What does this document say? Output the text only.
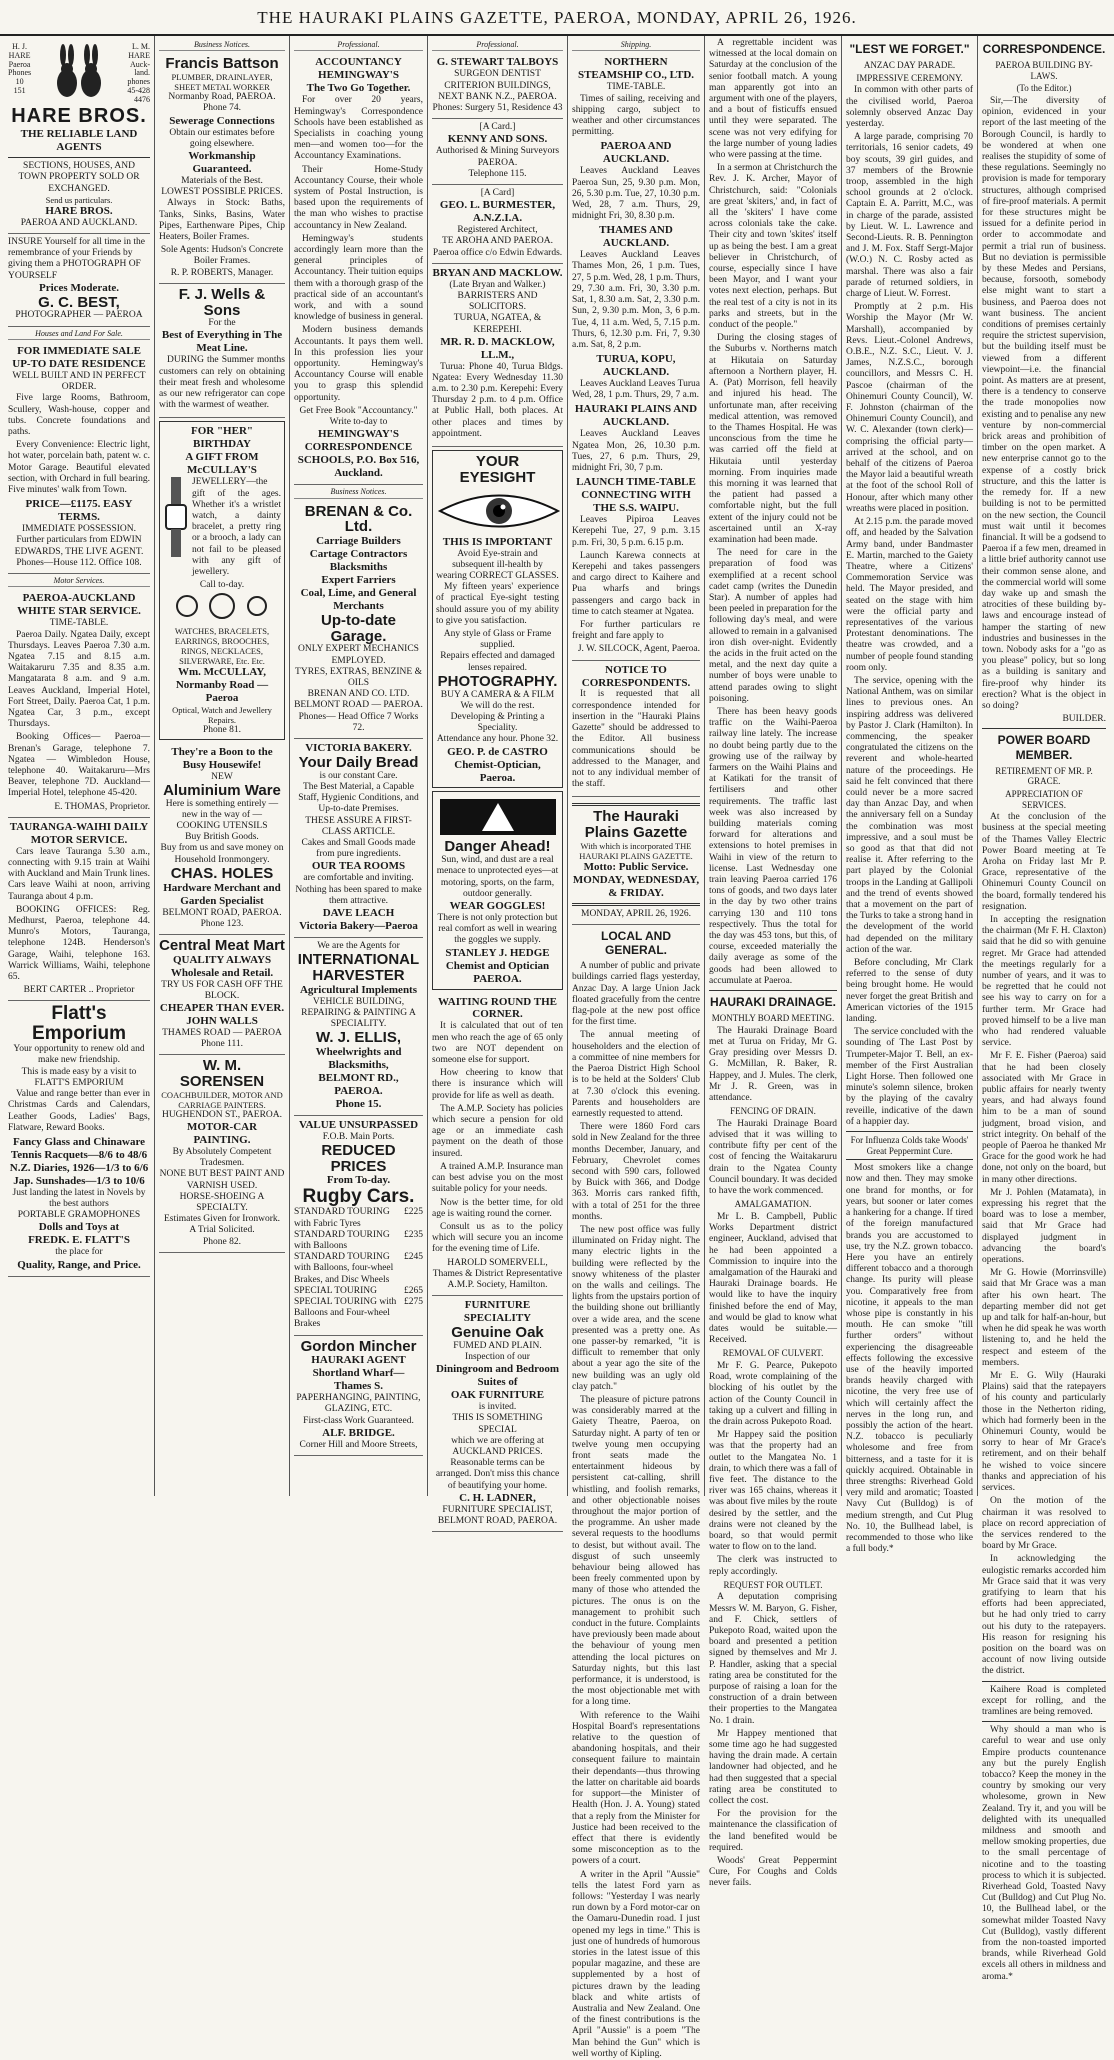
THE HAURAKI PLAINS GAZETTE, PAEROA, MONDAY, APRIL 26, 1926.
H. J.
HARE
Paeroa
Phones
10
151
L. M.
HARE
Auck-
land.
phones
45-428
4476
HARE BROS.
THE RELIABLE LAND AGENTS
SECTIONS, HOUSES, AND TOWN PROPERTY SOLD OR EXCHANGED.
Send us particulars.
HARE BROS.
PAEROA AND AUCKLAND.
INSURE Yourself for all time in the remembrance of your Friends by giving them a PHOTOGRAPH OF YOURSELF
Prices Moderate.
G. C. BEST,
PHOTOGRAPHER — PAEROA
Houses and Land For Sale.
FOR IMMEDIATE SALE
UP-TO DATE RESIDENCE
WELL BUILT AND IN PERFECT ORDER.

Five large Rooms, Bathroom, Scullery, Wash-house, copper and tubs. Concrete foundations and paths.

Every Convenience: Electric light, hot water, porcelain bath, patent w. c. Motor Garage. Beautiful elevated section, with Orchard in full bearing. Five minutes' walk from Town.

PRICE—£1175. EASY TERMS.
IMMEDIATE POSSESSION.
Further particulars from EDWIN EDWARDS, THE LIVE AGENT.
Phones—House 112. Office 108.
Motor Services.
PAEROA-AUCKLAND WHITE STAR SERVICE.
TIME-TABLE.

Paeroa Daily. Ngatea Daily, except Thursdays. Leaves Paeroa 7.30 a.m. Ngatea 7.15 and 8.15 a.m. Waitakaruru 7.35 and 8.35 a.m. Mangatarata 8 a.m. and 9 a.m. Leaves Auckland, Imperial Hotel, Fort Street, Daily. Paeroa Cat, 1 p.m. Ngatea Car, 3 p.m., except Thursdays.

Booking Offices— Paeroa—Brenan's Garage, telephone 7. Ngatea — Wimbledon House, telephone 40. Waitakaruru—Mrs Beaver, telephone 7D. Auckland—Imperial Hotel, telephone 45-420.

E. THOMAS, Proprietor.
TAURANGA-WAIHI DAILY MOTOR SERVICE.

Cars leave Tauranga 5.30 a.m., connecting with 9.15 train at Waihi with Auckland and Main Trunk lines. Cars leave Waihi at noon, arriving Tauranga about 4 p.m.

BOOKING OFFICES: Reg. Medhurst, Paeroa, telephone 44. Munro's Motors, Tauranga, telephone 124B. Henderson's Garage, Waihi, telephone 163. Warrick Williams, Waihi, telephone 65.

BERT CARTER .. Proprietor
Flatt's Emporium
Your opportunity to renew old and make new friendship.
This is made easy by a visit to FLATT'S EMPORIUM

Value and range better than ever in Christmas Cards and Calendars, Leather Goods, Ladies' Bags, Flatware, Reward Books.

Fancy Glass and Chinaware
Tennis Racquets—8/6 to 48/6
N.Z. Diaries, 1926—1/3 to 6/6
Jap. Sunshades—1/3 to 10/6
Just landing the latest in Novels by the best authors
PORTABLE GRAMOPHONES
Dolls and Toys at
FREDK. E. FLATT'S
the place for
Quality, Range, and Price.
Business Notices.
Francis Battson
PLUMBER, DRAINLAYER, SHEET METAL WORKER
Normanby Road, PAEROA. Phone 74.
Sewerage Connections
Obtain our estimates before going elsewhere.
Workmanship Guaranteed.
Materials of the Best.
LOWEST POSSIBLE PRICES.

Always in Stock: Baths, Tanks, Sinks, Basins, Water Pipes, Earthenware Pipes, Chip Heaters, Boiler Frames.

Sole Agents: Hudson's Concrete Boiler Frames.
R. P. ROBERTS, Manager.
F. J. Wells & Sons
For the
Best of Everything in The Meat Line.

DURING the Summer months customers can rely on obtaining their meat fresh and wholesome as our new refrigerator can cope with the warmest of weather.

FOR "HER" BIRTHDAY
A GIFT FROM McCULLAY'S

JEWELLERY—the gift of the ages. Whether it's a wristlet watch, a dainty bracelet, a pretty ring or a brooch, a lady can not fail to be pleased with any gift of jewellery.

Call to-day.
WATCHES, BRACELETS, EARRINGS, BROOCHES, RINGS, NECKLACES, SILVERWARE, Etc. Etc.
Wm. McCULLAY,
Normanby Road — Paeroa
Optical, Watch and Jewellery Repairs.
Phone 81.
They're a Boon to the Busy Housewife!
NEW
Aluminium Ware
Here is something entirely — new in the way of —
COOKING UTENSILS
Buy British Goods.
Buy from us and save money on Household Ironmongery.
CHAS. HOLES
Hardware Merchant and Garden Specialist
BELMONT ROAD, PAEROA. Phone 123.
Central Meat Mart
QUALITY ALWAYS
Wholesale and Retail.
TRY US FOR CASH OFF THE BLOCK.
CHEAPER THAN EVER.
JOHN WALLS
THAMES ROAD — PAEROA
Phone 111.
W. M. SORENSEN
COACHBUILDER, MOTOR AND CARRIAGE PAINTERS.
HUGHENDON ST., PAEROA.
MOTOR-CAR PAINTING.
By Absolutely Competent Tradesmen.
NONE BUT BEST PAINT AND VARNISH USED.
HORSE-SHOEING A SPECIALTY.
Estimates Given for Ironwork.
A Trial Solicited.
Phone 82.
Professional.
ACCOUNTANCY
HEMINGWAY'S
The Two Go Together.

For over 20 years, Hemingway's Correspondence Schools have been established as Specialists in coaching young men—and women too—for the Accountancy Examinations.

Their Home-Study Accountancy Course, their whole system of Postal Instruction, is based upon the requirements of the man who wishes to practise accountancy in New Zealand.

Hemingway's students accordingly learn more than the general principles of Accountancy. Their tuition equips them with a thorough grasp of the practical side of an accountant's work, and with a sound knowledge of business in general.

Modern business demands Accountants. It pays them well. In this profession lies your opportunity. Hemingway's Accountancy Course will enable you to grasp this splendid opportunity.

Get Free Book "Accountancy." Write to-day to
HEMINGWAY'S CORRESPONDENCE SCHOOLS, P.O. Box 516, Auckland.
Business Notices.
BRENAN & Co. Ltd.
Carriage Builders
Cartage Contractors
Blacksmiths
Expert Farriers
Coal, Lime, and General Merchants
Up-to-date Garage.
ONLY EXPERT MECHANICS EMPLOYED.
TYRES, EXTRAS, BENZINE & OILS
BRENAN AND CO. LTD. BELMONT ROAD — PAEROA.
Phones— Head Office 7 Works 72.
VICTORIA BAKERY.
Your Daily Bread
is our constant Care.
The Best Material, a Capable Staff, Hygienic Conditions, and Up-to-date Premises.
THESE ASSURE A FIRST-CLASS ARTICLE.
Cakes and Small Goods made from pure ingredients.
OUR TEA ROOMS
are comfortable and inviting. Nothing has been spared to make them attractive.
DAVE LEACH
Victoria Bakery—Paeroa
We are the Agents for
INTERNATIONAL HARVESTER
Agricultural Implements
VEHICLE BUILDING, REPAIRING & PAINTING A SPECIALITY.
W. J. ELLIS,
Wheelwrights and Blacksmiths,
BELMONT RD., PAEROA.
Phone 15.
VALUE UNSURPASSED
F.O.B. Main Ports.
REDUCED PRICES
From To-day.
Rugby Cars.
STANDARD TOURING with Fabric Tyres
£225
STANDARD TOURING with Balloons
£235
STANDARD TOURING with Balloons, four-wheel Brakes, and Disc Wheels
£245
SPECIAL TOURING	£265
SPECIAL TOURING with Balloons and Four-wheel Brakes
£275
Gordon Mincher
HAURAKI AGENT
Shortland Wharf—Thames S.
PAPERHANGING, PAINTING, GLAZING, ETC.
First-class Work Guaranteed.
ALF. BRIDGE.
Corner Hill and Moore Streets,
Professional.
G. STEWART TALBOYS
SURGEON DENTIST
CRITERION BUILDINGS, NEXT BANK N.Z., PAEROA.
Phones: Surgery 51, Residence 43
[A Card.]
KENNY AND SONS.
Authorised & Mining Surveyors
PAEROA.
Telephone 115.
[A Card]
GEO. L. BURMESTER, A.N.Z.I.A.
Registered Architect,
TE AROHA AND PAEROA.
Paeroa office c/o Edwin Edwards.
BRYAN AND MACKLOW.
(Late Bryan and Walker.)
BARRISTERS AND SOLICITORS.
TURUA, NGATEA, & KEREPEHI.
MR. R. D. MACKLOW, LL.M.,

Turua: Phone 40, Turua Bldgs. Ngatea: Every Wednesday 11.30 a.m. to 2.30 p.m. Kerepehi: Every Thursday 2 p.m. to 4 p.m. Office at Public Hall, both places. At other places and times by appointment.

YOUR EYESIGHT
THIS IS IMPORTANT
Avoid Eye-strain and subsequent ill-health by wearing CORRECT GLASSES.

My fifteen years' experience of practical Eye-sight testing should assure you of my ability to give you satisfaction.

Any style of Glass or Frame supplied.
Repairs effected and damaged lenses repaired.
PHOTOGRAPHY.
BUY A CAMERA & A FILM
We will do the rest.
Developing & Printing a Speciality.
Attendance any hour. Phone 32.
GEO. P. de CASTRO
Chemist-Optician, Paeroa.
Danger Ahead!
Sun, wind, and dust are a real menace to unprotected eyes—at motoring, sports, on the farm, outdoor generally.
WEAR GOGGLES!
There is not only protection but real comfort as well in wearing the goggles we supply.
STANLEY J. HEDGE
Chemist and Optician PAEROA.
WAITING ROUND THE CORNER.

It is calculated that out of ten men who reach the age of 65 only two are NOT dependent on someone else for support.

How cheering to know that there is insurance which will provide for life as well as death.

The A.M.P. Society has policies which secure a pension for old age or an immediate cash payment on the death of those insured.

A trained A.M.P. Insurance man can best advise you on the most suitable policy for your needs.

Now is the better time, for old age is waiting round the corner.

Consult us as to the policy which will secure you an income for the evening time of Life.

HAROLD SOMERVELL, Thames & District Representative A.M.P. Society, Hamilton.
FURNITURE SPECIALITY
Genuine Oak
FUMED AND PLAIN.
Inspection of our
Diningroom and Bedroom Suites of
OAK FURNITURE
is invited.
THIS IS SOMETHING SPECIAL
which we are offering at AUCKLAND PRICES.
Reasonable terms can be arranged. Don't miss this chance of beautifying your home.
C. H. LADNER,
FURNITURE SPECIALIST, BELMONT ROAD, PAEROA.
Shipping.
NORTHERN STEAMSHIP CO., LTD.
TIME-TABLE.

Times of sailing, receiving and shipping cargo, subject to weather and other circumstances permitting.

PAEROA AND AUCKLAND.

Leaves Auckland Leaves Paeroa Sun, 25, 9.30 p.m. Mon, 26, 5.30 p.m. Tue, 27, 10.30 p.m. Wed, 28, 7 a.m. Thurs, 29, midnight Fri, 30, 8.30 p.m.

THAMES AND AUCKLAND.

Leaves Auckland Leaves Thames Mon, 26, 1 p.m. Tues, 27, 5 p.m. Wed, 28, 1 p.m. Thurs, 29, 7.30 a.m. Fri, 30, 3.30 p.m. Sat, 1, 8.30 a.m. Sat, 2, 3.30 p.m. Sun, 2, 9.30 p.m. Mon, 3, 6 p.m. Tue, 4, 11 a.m. Wed, 5, 7.15 p.m. Thurs, 6, 12.30 p.m. Fri, 7, 9.30 a.m. Sat, 8, 2 p.m.

TURUA, KOPU, AUCKLAND.

Leaves Auckland Leaves Turua Wed, 28, 1 p.m. Thurs, 29, 7 a.m.

HAURAKI PLAINS AND AUCKLAND.

Leaves Auckland Leaves Ngatea Mon, 26, 10.30 p.m. Tues, 27, 6 p.m. Thurs, 29, midnight Fri, 30, 7 p.m.

LAUNCH TIME-TABLE CONNECTING WITH THE S.S. WAIPU.

Leaves Pipiroa Leaves Kerepehi Tue, 27, 9 p.m. 3.15 p.m. Fri, 30, 5 p.m. 6.15 p.m.

Launch Karewa connects at Kerepehi and takes passengers and cargo direct to Kaihere and Pua wharfs and brings passengers and cargo back in time to catch steamer at Ngatea.

For further particulars re freight and fare apply to

J. W. SILCOCK, Agent, Paeroa.
NOTICE TO CORRESPONDENTS.

It is requested that all correspondence intended for insertion in the "Hauraki Plains Gazette" should be addressed to the Editor. All business communications should be addressed to the Manager, and not to any individual member of the staff.

The Hauraki Plains Gazette
With which is incorporated THE HAURAKI PLAINS GAZETTE.
Motto: Public Service.
MONDAY, WEDNESDAY, & FRIDAY.
MONDAY, APRIL 26, 1926.
LOCAL AND GENERAL.

A number of public and private buildings carried flags yesterday, Anzac Day. A large Union Jack floated gracefully from the centre flag-pole at the new post office for the first time.

The annual meeting of householders and the election of a committee of nine members for the Paeroa District High School is to be held at the Solders' Club at 7.30 o'clock this evening. Parents and householders are earnestly requested to attend.

There were 1860 Ford cars sold in New Zealand for the three months December, January, and February, Chevrolet comes second with 590 cars, followed by Buick with 366, and Dodge 363. Morris cars ranked fifth, with a total of 251 for the three months.

The new post office was fully illuminated on Friday night. The many electric lights in the building were reflected by the snowy whiteness of the plaster on the walls and ceilings. The lights from the upstairs portion of the building shone out brilliantly over a wide area, and the scene presented was a pretty one. As one passer-by remarked, "it is difficult to remember that only about a year ago the site of the new building was an ugly old clay patch."

The pleasure of picture patrons was considerably marred at the Gaiety Theatre, Paeroa, on Saturday night. A party of ten or twelve young men occupying front seats made the entertainment hideous by persistent cat-calling, shrill whistling, and foolish remarks, and other objectionable noises throughout the major portion of the programme. An usher made several requests to the hoodlums to desist, but without avail. The disgust of such unseemly behaviour being allowed has been freely commented upon by many of those who attended the pictures. The onus is on the management to prohibit such conduct in the future. Complaints have previously been made about the behaviour of young men attending the local pictures on Saturday nights, but this last performance, it is understood, is the most objectionable met with for a long time.

With reference to the Waihi Hospital Board's representations relative to the question of abandoning hospitals, and their consequent failure to maintain their dependants—thus throwing the latter on charitable aid boards for support—the Minister of Health (Hon. J. A. Young) stated that a reply from the Minister for Justice had been received to the effect that there is evidently some misconception as to the powers of a court.

A writer in the April "Aussie" tells the latest Ford yarn as follows: "Yesterday I was nearly run down by a Ford motor-car on the Oamaru-Dunedin road. I just opened my legs in time." This is just one of hundreds of humorous stories in the latest issue of this popular magazine, and these are supplemented by a host of pictures drawn by the leading black and white artists of Australia and New Zealand. One of the finest contributions is the April "Aussie" is a poem "The Man behind the Gun" which is well worthy of Kipling.

A regrettable incident was witnessed at the local domain on Saturday at the conclusion of the senior football match. A young man apparently got into an argument with one of the players, and a bout of fisticuffs ensued until they were separated. The scene was not very edifying for the large number of young ladies who were passing at the time.

In a sermon at Christchurch the Rev. J. K. Archer, Mayor of Christchurch, said: "Colonials are great 'skiters,' and, in fact of all the 'skiters' I have come across colonials take the cake. Their city and town 'skites' itself up as being the best. I am a great believer in Christchurch, of course, especially since I have been Mayor, and I want your votes next election, perhaps. But the real test of a city is not in its parks and streets, but in the conduct of the people."

During the closing stages of the Suburbs v. Northerns match at Hikutaia on Saturday afternoon a Northern player, H. A. (Pat) Morrison, fell heavily and injured his head. The unfortunate man, after receiving medical attention, was removed to the Thames Hospital. He was unconscious from the time he was carried off the field at Hikutaia until yesterday morning. From inquiries made this morning it was learned that the patient had passed a comfortable night, but the full extent of the injury could not be ascertained until an X-ray examination had been made.

The need for care in the preparation of food was exemplified at a recent school cadet camp (writes the Dunedin Star). A number of apples had been peeled in preparation for the following day's meal, and were allowed to remain in a galvanised iron dish over-night. Evidently the acids in the fruit acted on the metal, and the next day quite a number of boys were unable to attend parades owing to slight poisoning.

There has been heavy goods traffic on the Waihi-Paeroa railway line lately. The increase no doubt being partly due to the growing use of the railway by farmers on the Waihi Plains and at Katikati for the transit of fertilisers and other requirements. The traffic last week was also increased by building materials coming forward for alterations and extensions to hotel premises in Waihi in view of the return to license. Last Wednesday one train leaving Paeroa carried 176 tons of goods, and two days later in the day by two other trains carrying 130 and 110 tons respectively. Thus the total for the day was 453 tons, but this, of course, exceeded materially the daily average as some of the goods had been allowed to accumulate at Paeroa.

HAURAKI DRAINAGE.
MONTHLY BOARD MEETING.

The Hauraki Drainage Board met at Turua on Friday, Mr G. Gray presiding over Messrs D. G. McMillan, R. Baker, R. Happey, and J. Mules. The clerk, Mr J. R. Green, was in attendance.

FENCING OF DRAIN.

The Hauraki Drainage Board advised that it was willing to contribute fifty per cent of the cost of fencing the Waitakaruru drain to the Ngatea County Council boundary. It was decided to have the work commenced.

AMALGAMATION.

Mr L. B. Campbell, Public Works Department district engineer, Auckland, advised that he had been appointed a Commission to inquire into the amalgamation of the Hauraki and Hauraki Drainage boards. He would like to have the inquiry finished before the end of May, and would be glad to know what dates would be suitable.—Received.

REMOVAL OF CULVERT.

Mr F. G. Pearce, Pukepoto Road, wrote complaining of the blocking of his outlet by the action of the County Council in taking up a culvert and filling in the drain across Pukepoto Road.

Mr Happey said the position was that the property had an outlet to the Mangatea No. 1 drain, to which there was a fall of five feet. The distance to the river was 165 chains, whereas it was about five miles by the route desired by the settler, and the drains were not cleaned by the board, so that would permit water to flow on to the land.

The clerk was instructed to reply accordingly.

REQUEST FOR OUTLET.

A deputation comprising Messrs W. M. Baryon, G. Fisher, and F. Chick, settlers of Pukepoto Road, waited upon the board and presented a petition signed by themselves and Mr J. P. Handler, asking that a special rating area be constituted for the purpose of raising a loan for the construction of a drain between their properties to the Mangatea No. 1 drain.

Mr Happey mentioned that some time ago he had suggested having the drain made. A certain landowner had objected, and he had then suggested that a special rating area be constituted to collect the cost.

For the provision for the maintenance the classification of the land benefited would be required.

Woods' Great Peppermint Cure, For Coughs and Colds never fails.

"LEST WE FORGET."
ANZAC DAY PARADE.
IMPRESSIVE CEREMONY.

In common with other parts of the civilised world, Paeroa solemnly observed Anzac Day yesterday.

A large parade, comprising 70 territorials, 16 senior cadets, 49 boy scouts, 39 girl guides, and 37 members of the Brownie troop, assembled in the high school grounds at 2 o'clock. Captain E. A. Parritt, M.C., was in charge of the parade, assisted by Lieut. W. L. Lawrence and Second-Lieuts. R. B. Pennington and J. M. Fox. Staff Sergt-Major (W.O.) N. C. Rosby acted as marshal. There was also a fair parade of returned soldiers, in charge of Lieut. W. Forrest.

Promptly at 2 p.m. His Worship the Mayor (Mr W. Marshall), accompanied by Revs. Lieut.-Colonel Andrews, O.B.E., N.Z. S.C., Lieut. V. J. James, N.Z.S.C., borough councillors, and Messrs C. H. Pascoe (chairman of the Ohinemuri County Council), W. F. Johnston (chairman of the Ohinemuri County Council), and W. C. Alexander (town clerk)—comprising the official party—arrived at the school, and on behalf of the citizens of Paeroa the Mayor laid a beautiful wreath at the foot of the school Roll of Honour, after which many other wreaths were placed in position.

At 2.15 p.m. the parade moved off, and headed by the Salvation Army band, under Bandmaster E. Martin, marched to the Gaiety Theatre, where a Citizens' Commemoration Service was held. The Mayor presided, and seated on the stage with him were the official party and representatives of the various Protestant denominations. The theatre was crowded, and a number of people found standing room only.

The service, opening with the National Anthem, was on similar lines to previous ones. An inspiring address was delivered by Pastor J. Clark (Hamilton). In commencing, the speaker congratulated the citizens on the reverent and whole-hearted nature of the proceedings. He said he felt convinced that there could never be a more sacred day than Anzac Day, and when the anniversary fell on a Sunday the combination was most impressive, and a soul must be so good as that that did not realise it. After referring to the part played by the Colonial troops in the Landing at Gallipoli and the trend of events showed that a movement on the part of the Turks to take a strong hand in the development of the world had depended on the military action of the war.

Before concluding, Mr Clark referred to the sense of duty being brought home. He would never forget the great British and American victories of the 1915 landing.

The service concluded with the sounding of The Last Post by Trumpeter-Major T. Bell, an ex-member of the First Australian Light Horse. Then followed one minute's solemn silence, broken by the playing of the cavalry reveille, indicative of the dawn of a happier day.

For Influenza Colds take Woods' Great Peppermint Cure.

Most smokers like a change now and then. They may smoke one brand for months, or for years, but sooner or later comes a hankering for a change. If tired of the foreign manufactured brands you are accustomed to use, try the N.Z. grown tobacco. Here you have an entirely different tobacco and a thorough change. Its purity will please you. Comparatively free from nicotine, it appeals to the man whose pipe is constantly in his mouth. He can smoke "till further orders" without experiencing the disagreeable effects following the excessive use of the heavily imported brands heavily charged with nicotine, the very free use of which will certainly affect the nerves in the long run, and possibly the action of the heart. N.Z. tobacco is peculiarly wholesome and free from bitterness, and a taste for it is quickly acquired. Obtainable in three strengths: Riverhead Gold very mild and aromatic; Toasted Navy Cut (Bulldog) is of medium strength, and Cut Plug No. 10, the Bullhead label, is recommended to those who like a full body.*

CORRESPONDENCE.
PAEROA BUILDING BY-LAWS.
(To the Editor.)

Sir,—The diversity of opinion, evidenced in your report of the last meeting of the Borough Council, is hardly to be wondered at when one realises the stupidity of some of these regulations. Seemingly no provision is made for temporary structures, although comprised of fire-proof materials. A permit for these structures might be issued for a definite period in order to accommodate and permit a trial run of business. But no deviation is permissible by these Medes and Persians, because, forsooth, somebody else might want to start a business, and Paeroa does not want business. The ancient conditions of premises certainly require the strictest supervision, but the building itself must be viewed from a different viewpoint—i.e. the financial point. As matters are at present, there is a tendency to conserve the trade monopolies now existing and to penalise any new venture by non-commercial brick areas and prohibition of timber on the open market. A new enterprise cannot go to the expense of a costly brick structure, and this the latter is the remedy for. If a new building is not to be permitted on the new section, the Council must wait until it becomes financial. It will be a godsend to Paeroa if a few men, dreamed in a little brief authority cannot use their common sense alone, and the commercial world will some day wake up and smash the atrocities of these building by-laws and encourage instead of hamper the starting of new industries and businesses in the town. Nobody asks for a "go as you please" policy, but so long as a building is sanitary and fire-proof why hinder its erection? What is the object in so doing?

BUILDER.
POWER BOARD MEMBER.
RETIREMENT OF MR. P. GRACE.
APPRECIATION OF SERVICES.

At the conclusion of the business at the special meeting of the Thames Valley Electric Power Board meeting at Te Aroha on Friday last Mr P. Grace, representative of the Ohinemuri County Council on the board, formally tendered his resignation.

In accepting the resignation the chairman (Mr F. H. Claxton) said that he did so with genuine regret. Mr Grace had attended the meetings regularly for a number of years, and it was to be regretted that he could not see his way to carry on for a further term. Mr Grace had proved himself to be a live man who had rendered valuable service.

Mr F. E. Fisher (Paeroa) said that he had been closely associated with Mr Grace in public affairs for nearly twenty years, and had always found him to be a man of sound judgment, broad vision, and strict integrity. On behalf of the people of Paeroa he thanked Mr Grace for the good work he had done, not only on the board, but in many other directions.

Mr J. Pohlen (Matamata), in expressing his regret that the board was to lose a member, said that Mr Grace had displayed judgment in advancing the board's operations.

Mr G. Howie (Morrinsville) said that Mr Grace was a man after his own heart. The departing member did not get up and talk for half-an-hour, but when he did speak he was worth listening to, and he held the respect and esteem of the members.

Mr E. G. Wily (Hauraki Plains) said that the ratepayers of his county and particularly those in the Netherton riding, which had formerly been in the Ohinemuri County, would be sorry to hear of Mr Grace's retirement, and on their behalf he wished to voice sincere thanks and appreciation of his services.

On the motion of the chairman it was resolved to place on record appreciation of the services rendered to the board by Mr Grace.

In acknowledging the eulogistic remarks accorded him Mr Grace said that it was very gratifying to learn that his efforts had been appreciated, but he had only tried to carry out his duty to the ratepayers. His reason for resigning his position on the board was on account of now living outside the district.

Kaihere Road is completed except for rolling, and the tramlines are being removed.

Why should a man who is careful to wear and use only Empire products countenance any but the purely English tobacco? Keep the money in the country by smoking our very wholesome, grown in New Zealand. Try it, and you will be delighted with its unequalled mildness and smooth and mellow smoking properties, due to the small percentage of nicotine and to the toasting process to which it is subjected. Riverhead Gold, Toasted Navy Cut (Bulldog) and Cut Plug No. 10, the Bullhead label, or the somewhat milder Toasted Navy Cut (Bulldog), vastly different from the non-toasted imported brands, while Riverhead Gold excels all others in mildness and aroma.*
